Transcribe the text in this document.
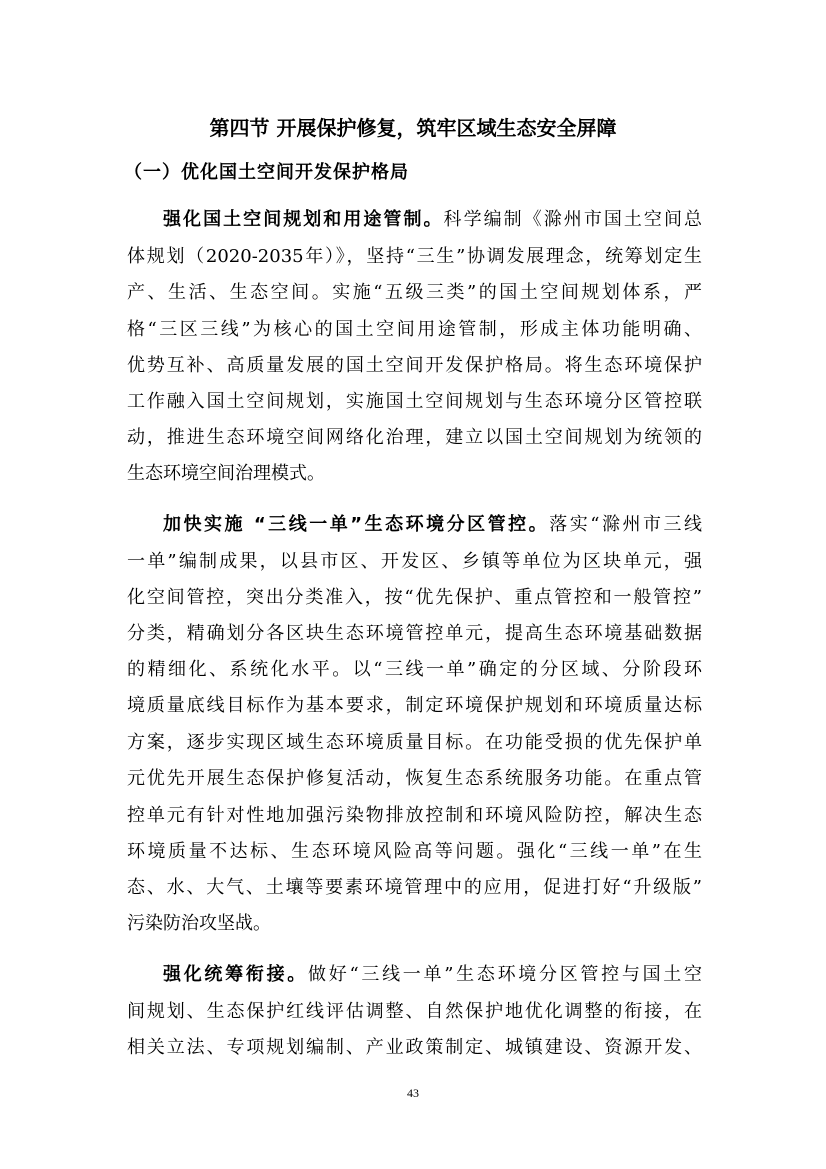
第四节 开展保护修复，筑牢区域生态安全屏障
（一）优化国土空间开发保护格局
强化国土空间规划和用途管制。科学编制《滁州市国土空间总
体规划（2020-2035年）》，坚持“三生”协调发展理念，统筹划定生
产、生活、生态空间。实施“五级三类”的国土空间规划体系，严
格“三区三线”为核心的国土空间用途管制，形成主体功能明确、
优势互补、高质量发展的国土空间开发保护格局。将生态环境保护
工作融入国土空间规划，实施国土空间规划与生态环境分区管控联
动，推进生态环境空间网络化治理，建立以国土空间规划为统领的
生态环境空间治理模式。
加快实施 “三线一单”生态环境分区管控。落实“滁州市三线
一单”编制成果，以县市区、开发区、乡镇等单位为区块单元，强
化空间管控，突出分类准入，按“优先保护、重点管控和一般管控”
分类，精确划分各区块生态环境管控单元，提高生态环境基础数据
的精细化、系统化水平。以“三线一单”确定的分区域、分阶段环
境质量底线目标作为基本要求，制定环境保护规划和环境质量达标
方案，逐步实现区域生态环境质量目标。在功能受损的优先保护单
元优先开展生态保护修复活动，恢复生态系统服务功能。在重点管
控单元有针对性地加强污染物排放控制和环境风险防控，解决生态
环境质量不达标、生态环境风险高等问题。强化“三线一单”在生
态、水、大气、土壤等要素环境管理中的应用，促进打好“升级版”
污染防治攻坚战。
强化统筹衔接。做好“三线一单”生态环境分区管控与国土空
间规划、生态保护红线评估调整、自然保护地优化调整的衔接，在
相关立法、专项规划编制、产业政策制定、城镇建设、资源开发、
43
